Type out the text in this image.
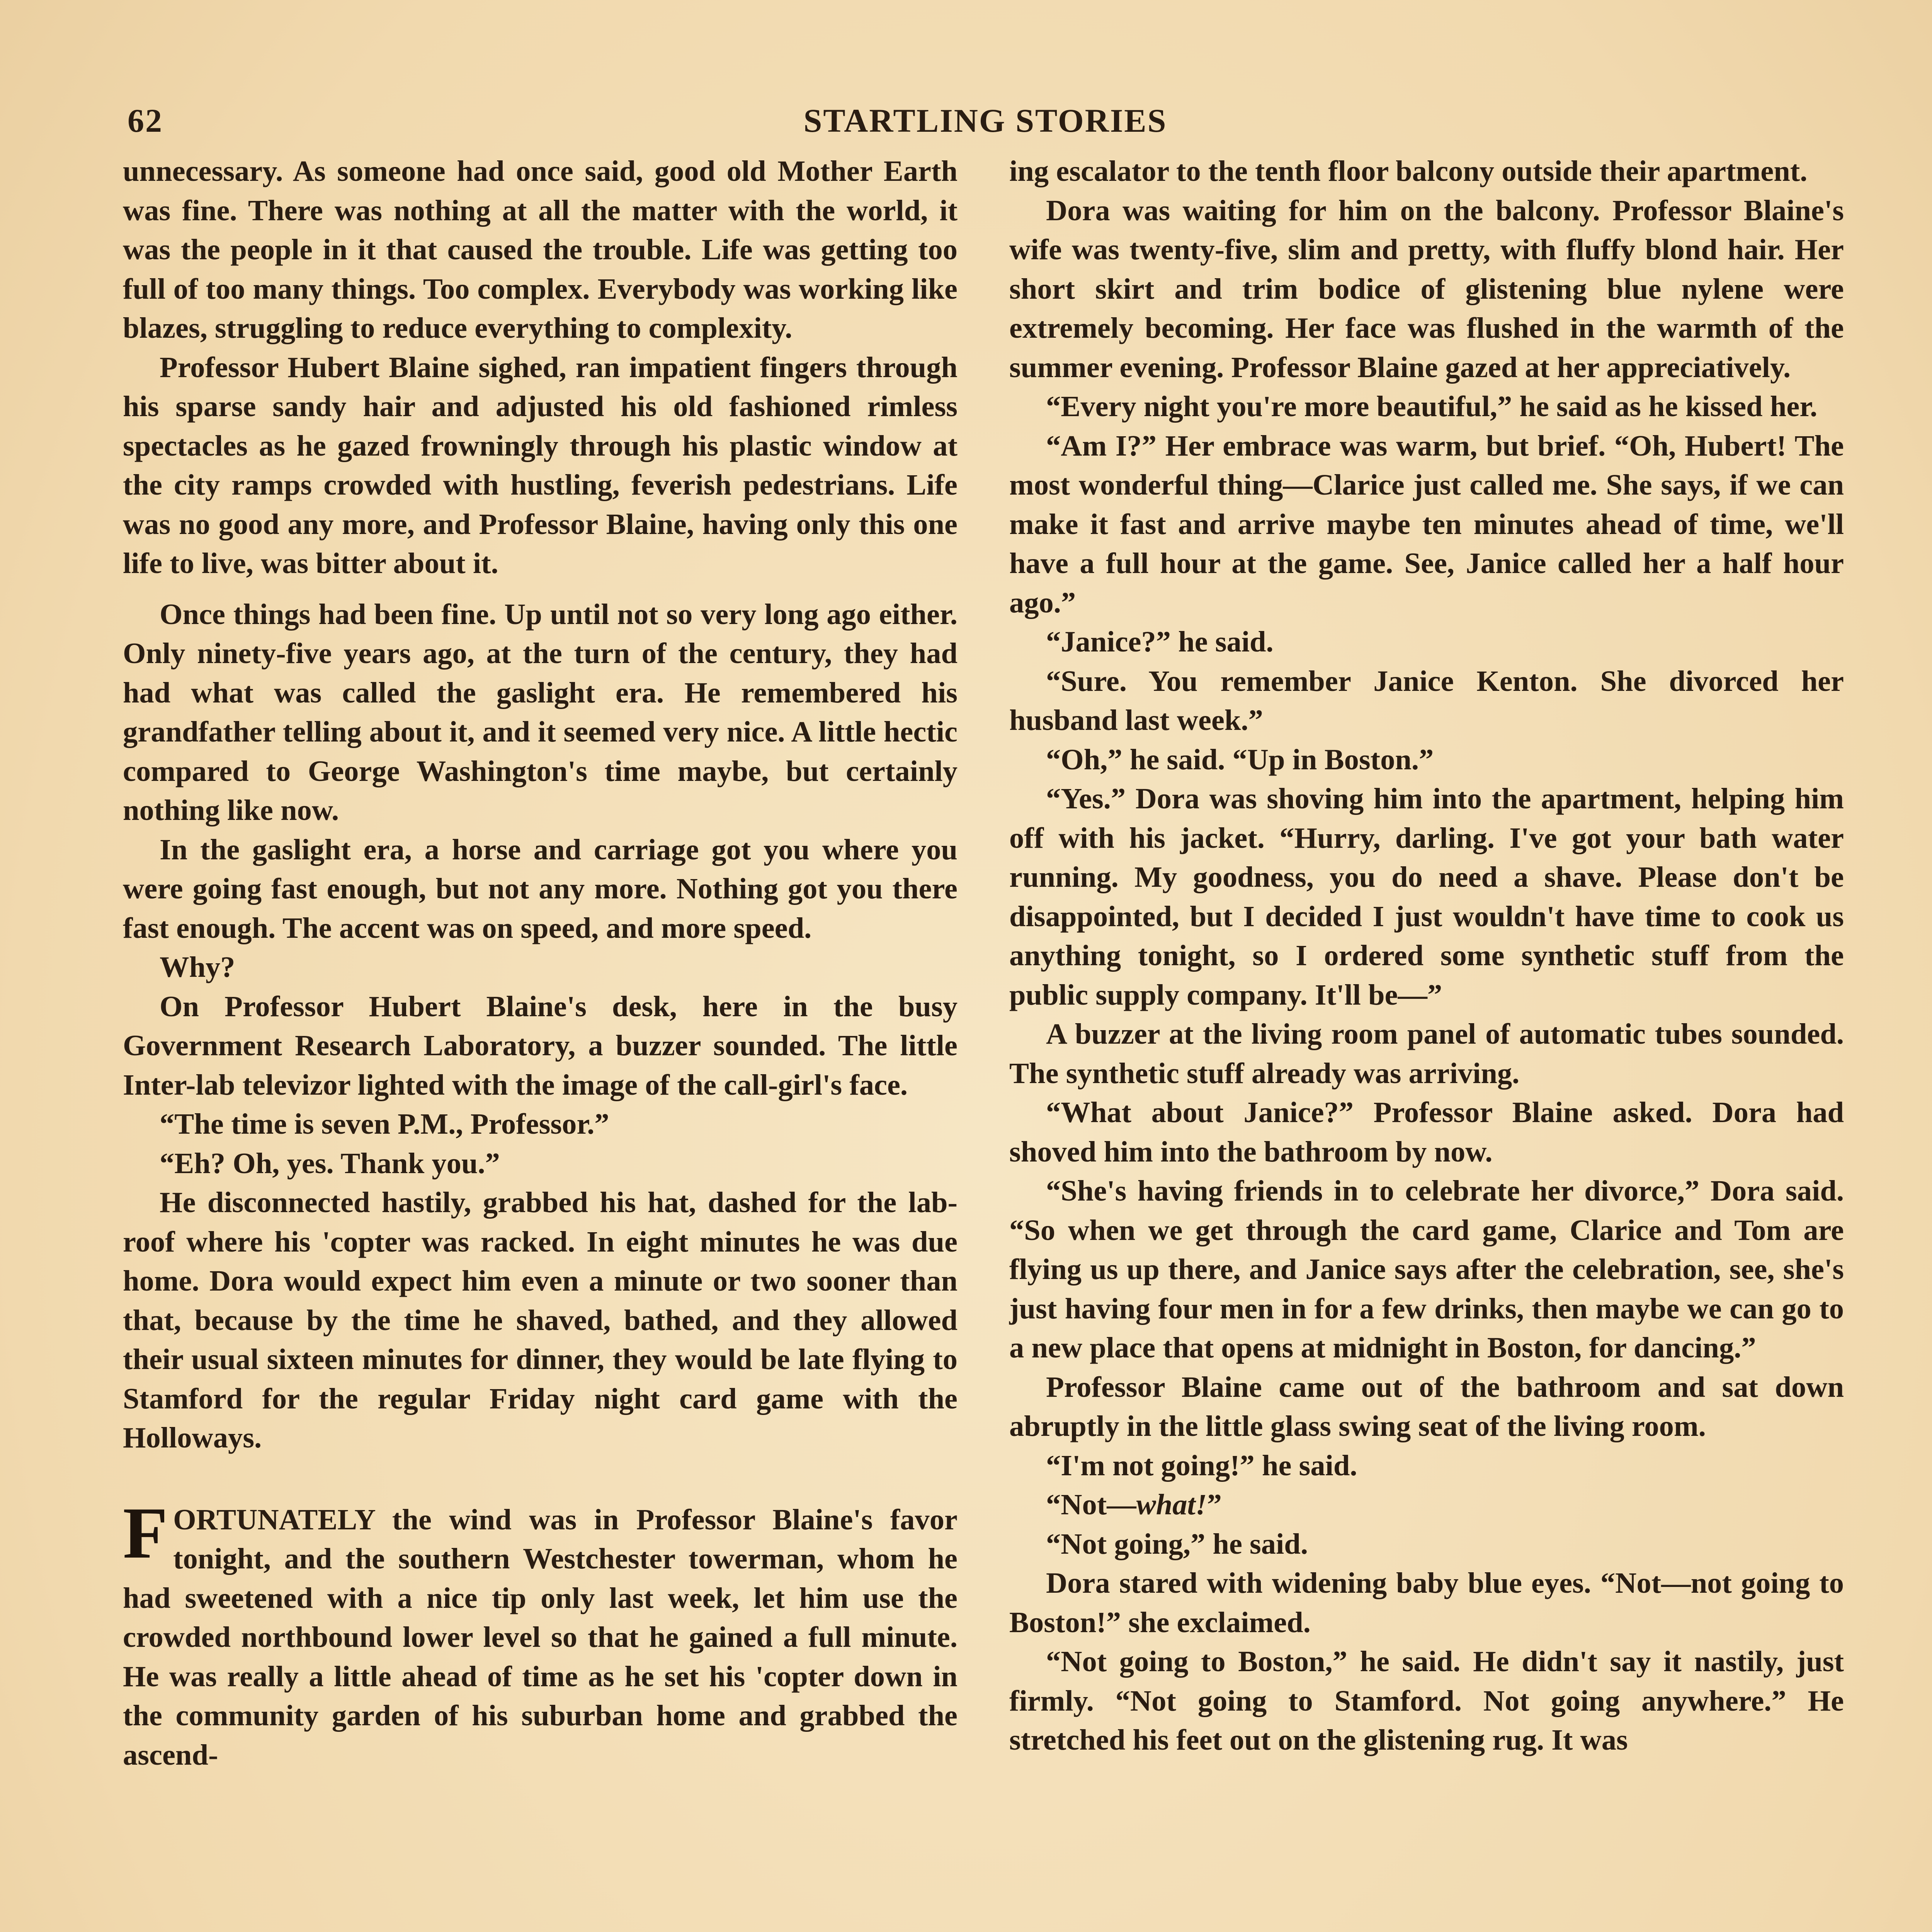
62	STARTLING STORIES

unnecessary. As someone had once said, good old Mother Earth was fine. There was nothing at all the matter with the world, it was the people in it that caused the trouble. Life was getting too full of too many things. Too complex. Everybody was working like blazes, struggling to reduce everything to complexity.

Professor Hubert Blaine sighed, ran impatient fingers through his sparse sandy hair and adjusted his old fashioned rimless spectacles as he gazed frowningly through his plastic window at the city ramps crowded with hustling, feverish pedestrians. Life was no good any more, and Professor Blaine, having only this one life to live, was bitter about it.

Once things had been fine. Up until not so very long ago either. Only ninety-five years ago, at the turn of the century, they had had what was called the gaslight era. He remembered his grandfather telling about it, and it seemed very nice. A little hectic compared to George Washington's time maybe, but certainly nothing like now.

In the gaslight era, a horse and carriage got you where you were going fast enough, but not any more. Nothing got you there fast enough. The accent was on speed, and more speed.

Why?

On Professor Hubert Blaine's desk, here in the busy Government Research Laboratory, a buzzer sounded. The little Inter-lab televizor lighted with the image of the call-girl's face.

“The time is seven P.M., Professor.”

“Eh? Oh, yes. Thank you.”

He disconnected hastily, grabbed his hat, dashed for the lab-roof where his 'copter was racked. In eight minutes he was due home. Dora would expect him even a minute or two sooner than that, because by the time he shaved, bathed, and they allowed their usual sixteen minutes for dinner, they would be late flying to Stamford for the regular Friday night card game with the Holloways.

FORTUNATELY the wind was in Professor Blaine's favor tonight, and the southern Westchester towerman, whom he had sweetened with a nice tip only last week, let him use the crowded northbound lower level so that he gained a full minute. He was really a little ahead of time as he set his 'copter down in the community garden of his suburban home and grabbed the ascend-

ing escalator to the tenth floor balcony outside their apartment.

Dora was waiting for him on the balcony. Professor Blaine's wife was twenty-five, slim and pretty, with fluffy blond hair. Her short skirt and trim bodice of glistening blue nylene were extremely becoming. Her face was flushed in the warmth of the summer evening. Professor Blaine gazed at her appreciatively.

“Every night you're more beautiful,” he said as he kissed her.

“Am I?” Her embrace was warm, but brief. “Oh, Hubert! The most wonderful thing—Clarice just called me. She says, if we can make it fast and arrive maybe ten minutes ahead of time, we'll have a full hour at the game. See, Janice called her a half hour ago.”

“Janice?” he said.

“Sure. You remember Janice Kenton. She divorced her husband last week.”

“Oh,” he said. “Up in Boston.”

“Yes.” Dora was shoving him into the apartment, helping him off with his jacket. “Hurry, darling. I've got your bath water running. My goodness, you do need a shave. Please don't be disappointed, but I decided I just wouldn't have time to cook us anything tonight, so I ordered some synthetic stuff from the public supply company. It'll be—”

A buzzer at the living room panel of automatic tubes sounded. The synthetic stuff already was arriving.

“What about Janice?” Professor Blaine asked. Dora had shoved him into the bathroom by now.

“She's having friends in to celebrate her divorce,” Dora said. “So when we get through the card game, Clarice and Tom are flying us up there, and Janice says after the celebration, see, she's just having four men in for a few drinks, then maybe we can go to a new place that opens at midnight in Boston, for dancing.”

Professor Blaine came out of the bathroom and sat down abruptly in the little glass swing seat of the living room.

“I'm not going!” he said.

“Not—what!”

“Not going,” he said.

Dora stared with widening baby blue eyes. “Not—not going to Boston!” she exclaimed.

“Not going to Boston,” he said. He didn't say it nastily, just firmly. “Not going to Stamford. Not going anywhere.” He stretched his feet out on the glistening rug. It was
